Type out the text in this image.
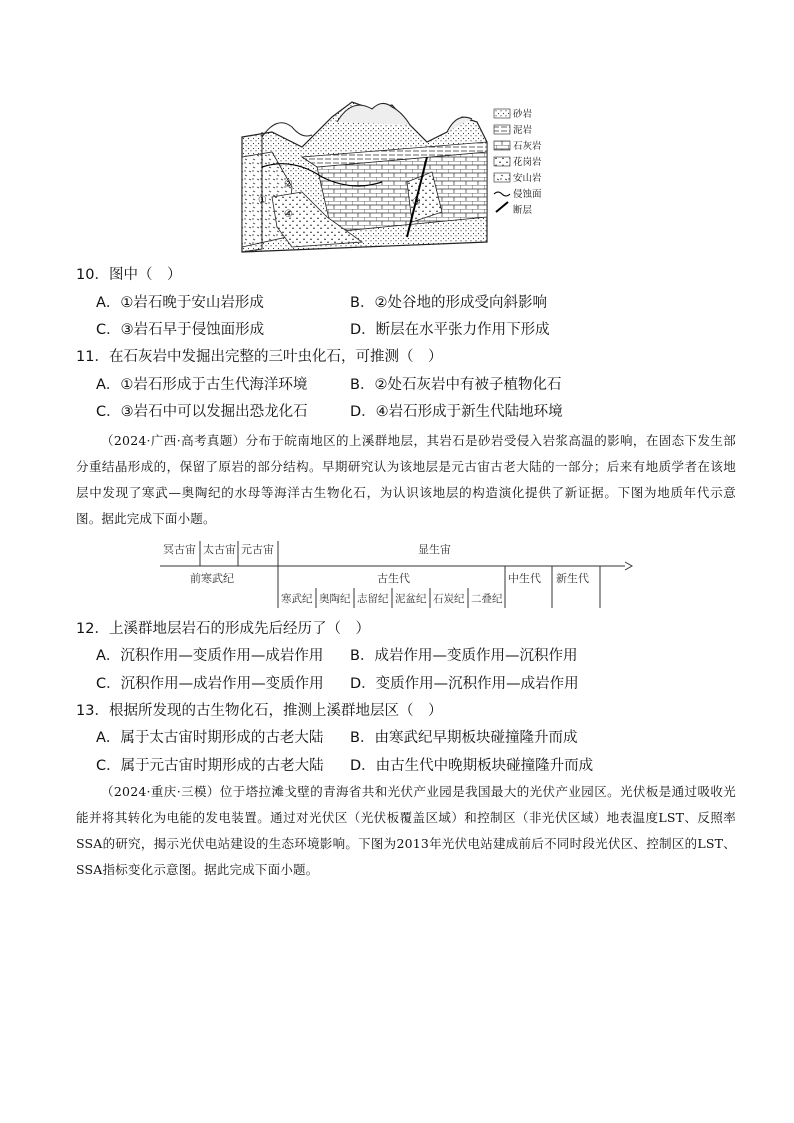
①
②
③
④
砂岩
泥岩
石灰岩
花岗岩
安山岩
侵蚀面
断层
10．图中（　）
A．①岩石晚于安山岩形成	B．②处谷地的形成受向斜影响
C．③岩石早于侵蚀面形成	D．断层在水平张力作用下形成
11．在石灰岩中发掘出完整的三叶虫化石，可推测（　）
A．①岩石形成于古生代海洋环境	B．②处石灰岩中有被子植物化石
C．③岩石中可以发掘出恐龙化石	D．④岩石形成于新生代陆地环境
（2024·广西·高考真题）分布于皖南地区的上溪群地层，其岩石是砂岩受侵入岩浆高温的影响，在固态下发生部分重结晶形成的，保留了原岩的部分结构。早期研究认为该地层是元古宙古老大陆的一部分；后来有地质学者在该地层中发现了寒武—奥陶纪的水母等海洋古生物化石，为认识该地层的构造演化提供了新证据。下图为地质年代示意图。据此完成下面小题。
冥古宙 太古宙 元古宙	显生宙
前寒武纪	古生代	中生代 新生代
寒武纪 奥陶纪 志留纪 泥盆纪 石炭纪 二叠纪
12．上溪群地层岩石的形成先后经历了（　）
A．沉积作用—变质作用—成岩作用 B．成岩作用—变质作用—沉积作用
C．沉积作用—成岩作用—变质作用 D．变质作用—沉积作用—成岩作用
13．根据所发现的古生物化石，推测上溪群地层区（　）
A．属于太古宙时期形成的古老大陆 B．由寒武纪早期板块碰撞隆升而成
C．属于元古宙时期形成的古老大陆 D．由古生代中晚期板块碰撞隆升而成
（2024·重庆·三模）位于塔拉滩戈壁的青海省共和光伏产业园是我国最大的光伏产业园区。光伏板是通过吸收光能并将其转化为电能的发电装置。通过对光伏区（光伏板覆盖区域）和控制区（非光伏区域）地表温度LST、反照率SSA的研究，揭示光伏电站建设的生态环境影响。下图为2013年光伏电站建成前后不同时段光伏区、控制区的LST、SSA指标变化示意图。据此完成下面小题。
